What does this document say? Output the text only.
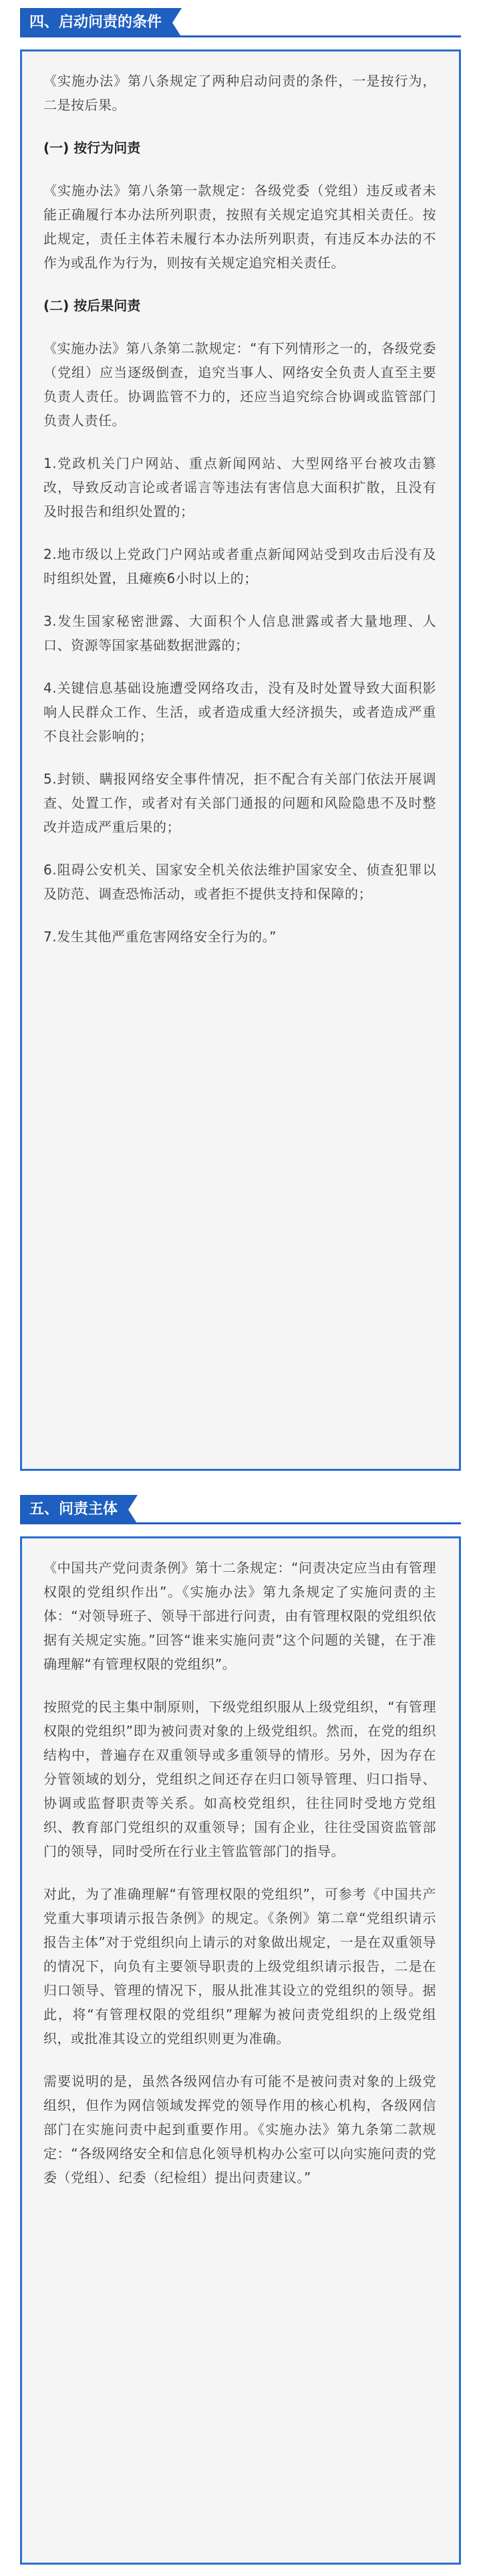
四、启动问责的条件

《实施办法》第八条规定了两种启动问责的条件，一是按行为，二是按后果。

(一) 按行为问责

《实施办法》第八条第一款规定：各级党委（党组）违反或者未能正确履行本办法所列职责，按照有关规定追究其相关责任。按此规定，责任主体若未履行本办法所列职责，有违反本办法的不作为或乱作为行为，则按有关规定追究相关责任。

(二) 按后果问责

《实施办法》第八条第二款规定：“有下列情形之一的，各级党委（党组）应当逐级倒查，追究当事人、网络安全负责人直至主要负责人责任。协调监管不力的，还应当追究综合协调或监管部门负责人责任。

1.党政机关门户网站、重点新闻网站、大型网络平台被攻击篡改，导致反动言论或者谣言等违法有害信息大面积扩散，且没有及时报告和组织处置的；

2.地市级以上党政门户网站或者重点新闻网站受到攻击后没有及时组织处置，且瘫痪6小时以上的；

3.发生国家秘密泄露、大面积个人信息泄露或者大量地理、人口、资源等国家基础数据泄露的；

4.关键信息基础设施遭受网络攻击，没有及时处置导致大面积影响人民群众工作、生活，或者造成重大经济损失，或者造成严重不良社会影响的；

5.封锁、瞒报网络安全事件情况，拒不配合有关部门依法开展调查、处置工作，或者对有关部门通报的问题和风险隐患不及时整改并造成严重后果的；

6.阻碍公安机关、国家安全机关依法维护国家安全、侦查犯罪以及防范、调查恐怖活动，或者拒不提供支持和保障的；

7.发生其他严重危害网络安全行为的。”

五、问责主体

《中国共产党问责条例》第十二条规定：“问责决定应当由有管理权限的党组织作出”。《实施办法》第九条规定了实施问责的主体：“对领导班子、领导干部进行问责，由有管理权限的党组织依据有关规定实施。”回答“谁来实施问责”这个问题的关键，在于准确理解“有管理权限的党组织”。

按照党的民主集中制原则，下级党组织服从上级党组织，“有管理权限的党组织”即为被问责对象的上级党组织。然而，在党的组织结构中，普遍存在双重领导或多重领导的情形。另外，因为存在分管领域的划分，党组织之间还存在归口领导管理、归口指导、协调或监督职责等关系。如高校党组织，往往同时受地方党组织、教育部门党组织的双重领导；国有企业，往往受国资监管部门的领导，同时受所在行业主管监管部门的指导。

对此，为了准确理解“有管理权限的党组织”，可参考《中国共产党重大事项请示报告条例》的规定。《条例》第二章“党组织请示报告主体”对于党组织向上请示的对象做出规定，一是在双重领导的情况下，向负有主要领导职责的上级党组织请示报告，二是在归口领导、管理的情况下，服从批准其设立的党组织的领导。据此，将“有管理权限的党组织”理解为被问责党组织的上级党组织，或批准其设立的党组织则更为准确。

需要说明的是，虽然各级网信办有可能不是被问责对象的上级党组织，但作为网信领域发挥党的领导作用的核心机构，各级网信部门在实施问责中起到重要作用。《实施办法》第九条第二款规定：“各级网络安全和信息化领导机构办公室可以向实施问责的党委（党组）、纪委（纪检组）提出问责建议。”
